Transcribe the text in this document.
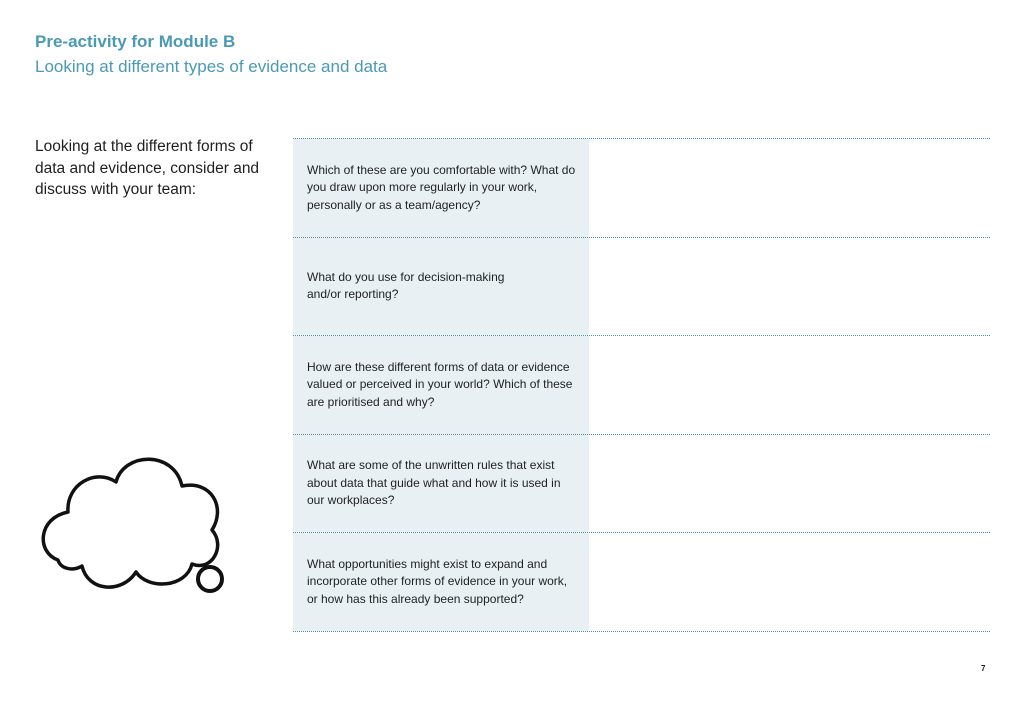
Pre-activity for Module B
Looking at different types of evidence and data
Looking at the different forms of data and evidence, consider and discuss with your team:
Which of these are you comfortable with? What do you draw upon more regularly in your work, personally or as a team/agency?
What do you use for decision-making
and/or reporting?
How are these different forms of data or evidence valued or perceived in your world? Which of these are prioritised and why?
What are some of the unwritten rules that exist about data that guide what and how it is used in our workplaces?
What opportunities might exist to expand and incorporate other forms of evidence in your work, or how has this already been supported?
7
